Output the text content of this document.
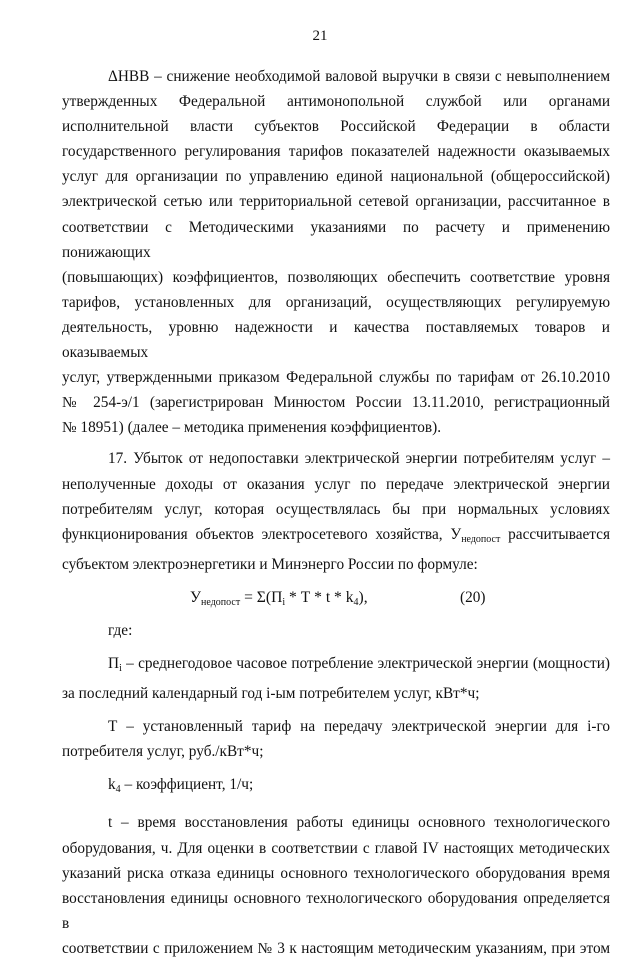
21
ΔНВВ – снижение необходимой валовой выручки в связи с невыполнением
утвержденных Федеральной антимонопольной службой или органами
исполнительной власти субъектов Российской Федерации в области
государственного регулирования тарифов показателей надежности оказываемых
услуг для организации по управлению единой национальной (общероссийской)
электрической сетью или территориальной сетевой организации, рассчитанное в
соответствии с Методическими указаниями по расчету и применению понижающих
(повышающих) коэффициентов, позволяющих обеспечить соответствие уровня
тарифов, установленных для организаций, осуществляющих регулируемую
деятельность, уровню надежности и качества поставляемых товаров и оказываемых
услуг, утвержденными приказом Федеральной службы по тарифам от 26.10.2010
№ 254-э/1 (зарегистрирован Минюстом России 13.11.2010, регистрационный
№ 18951) (далее – методика применения коэффициентов).
17. Убыток от недопоставки электрической энергии потребителям услуг –
неполученные доходы от оказания услуг по передаче электрической энергии
потребителям услуг, которая осуществлялась бы при нормальных условиях
функционирования объектов электросетевого хозяйства, $У_{недопост}$ рассчитывается
субъектом электроэнергетики и Минэнерго России по формуле:
$У_{недопост} = \Sigma(П_i * Т * t * k_4)$,	(20)
где:
$П_i$ – среднегодовое часовое потребление электрической энергии (мощности)
за последний календарный год i-ым потребителем услуг, кВт*ч;
Т – установленный тариф на передачу электрической энергии для i-го
потребителя услуг, руб./кВт*ч;
$k_4$ – коэффициент, 1/ч;
t – время восстановления работы единицы основного технологического
оборудования, ч. Для оценки в соответствии с главой IV настоящих методических
указаний риска отказа единицы основного технологического оборудования время
восстановления единицы основного технологического оборудования определяется в
соответствии с приложением № 3 к настоящим методическим указаниям, при этом
